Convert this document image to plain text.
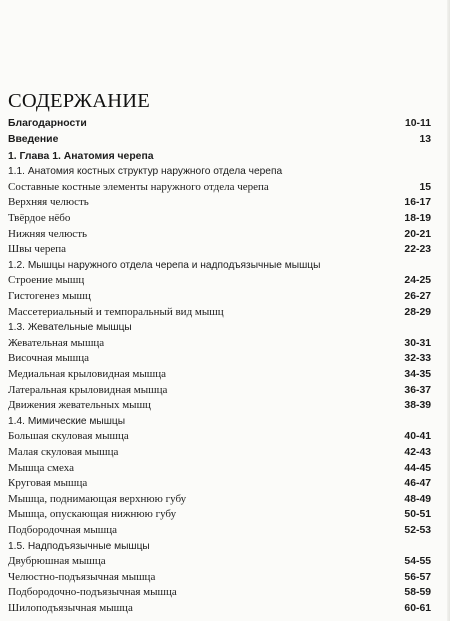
СОДЕРЖАНИЕ
Благодарности	10-11
Введение	13
1. Глава 1. Анатомия черепа
1.1. Анатомия костных структур наружного отдела черепа
Составные костные элементы наружного отдела черепа	15
Верхняя челюсть	16-17
Твёрдое нёбо	18-19
Нижняя челюсть	20-21
Швы черепа	22-23
1.2. Мышцы наружного отдела черепа и надподъязычные мышцы
Строение мышц	24-25
Гистогенез мышц	26-27
Массетериальный и темпоральный вид мышц	28-29
1.3. Жевательные мышцы
Жевательная мышца	30-31
Височная мышца	32-33
Медиальная крыловидная мышца	34-35
Латеральная крыловидная мышца	36-37
Движения жевательных мышц	38-39
1.4. Мимические мышцы
Большая скуловая мышца	40-41
Малая скуловая мышца	42-43
Мышца смеха	44-45
Круговая мышца	46-47
Мышца, поднимающая верхнюю губу	48-49
Мышца, опускающая нижнюю губу	50-51
Подбородочная мышца	52-53
1.5. Надподъязычные мышцы
Двубрюшная мышца	54-55
Челюстно-подъязычная мышца	56-57
Подбородочно-подъязычная мышца	58-59
Шилоподъязычная мышца	60-61
